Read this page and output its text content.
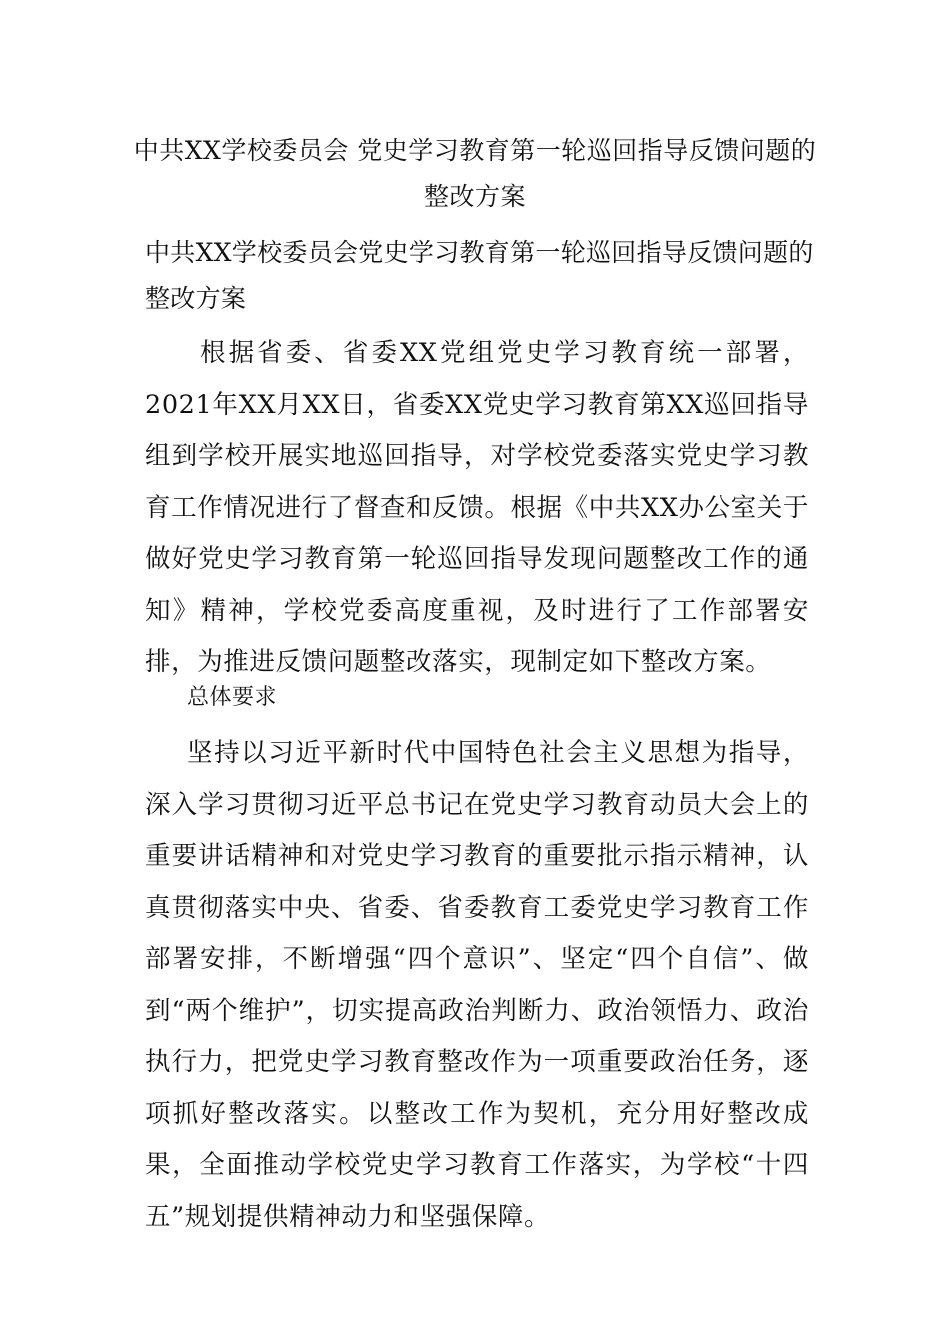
中共XX学校委员会 党史学习教育第一轮巡回指导反馈问题的 整改方案
中共XX学校委员会党史学习教育第一轮巡回指导反馈问题的整改方案
根据省委、省委XX党组党史学习教育统一部署，2021年XX月XX日，省委XX党史学习教育第XX巡回指导组到学校开展实地巡回指导，对学校党委落实党史学习教育工作情况进行了督查和反馈。根据《中共XX办公室关于做好党史学习教育第一轮巡回指导发现问题整改工作的通知》精神，学校党委高度重视，及时进行了工作部署安排，为推进反馈问题整改落实，现制定如下整改方案。
总体要求
坚持以习近平新时代中国特色社会主义思想为指导，深入学习贯彻习近平总书记在党史学习教育动员大会上的重要讲话精神和对党史学习教育的重要批示指示精神，认真贯彻落实中央、省委、省委教育工委党史学习教育工作部署安排，不断增强“四个意识”、坚定“四个自信”、做到“两个维护”，切实提高政治判断力、政治领悟力、政治执行力，把党史学习教育整改作为一项重要政治任务，逐项抓好整改落实。以整改工作为契机，充分用好整改成果，全面推动学校党史学习教育工作落实，为学校“十四五”规划提供精神动力和坚强保障。
